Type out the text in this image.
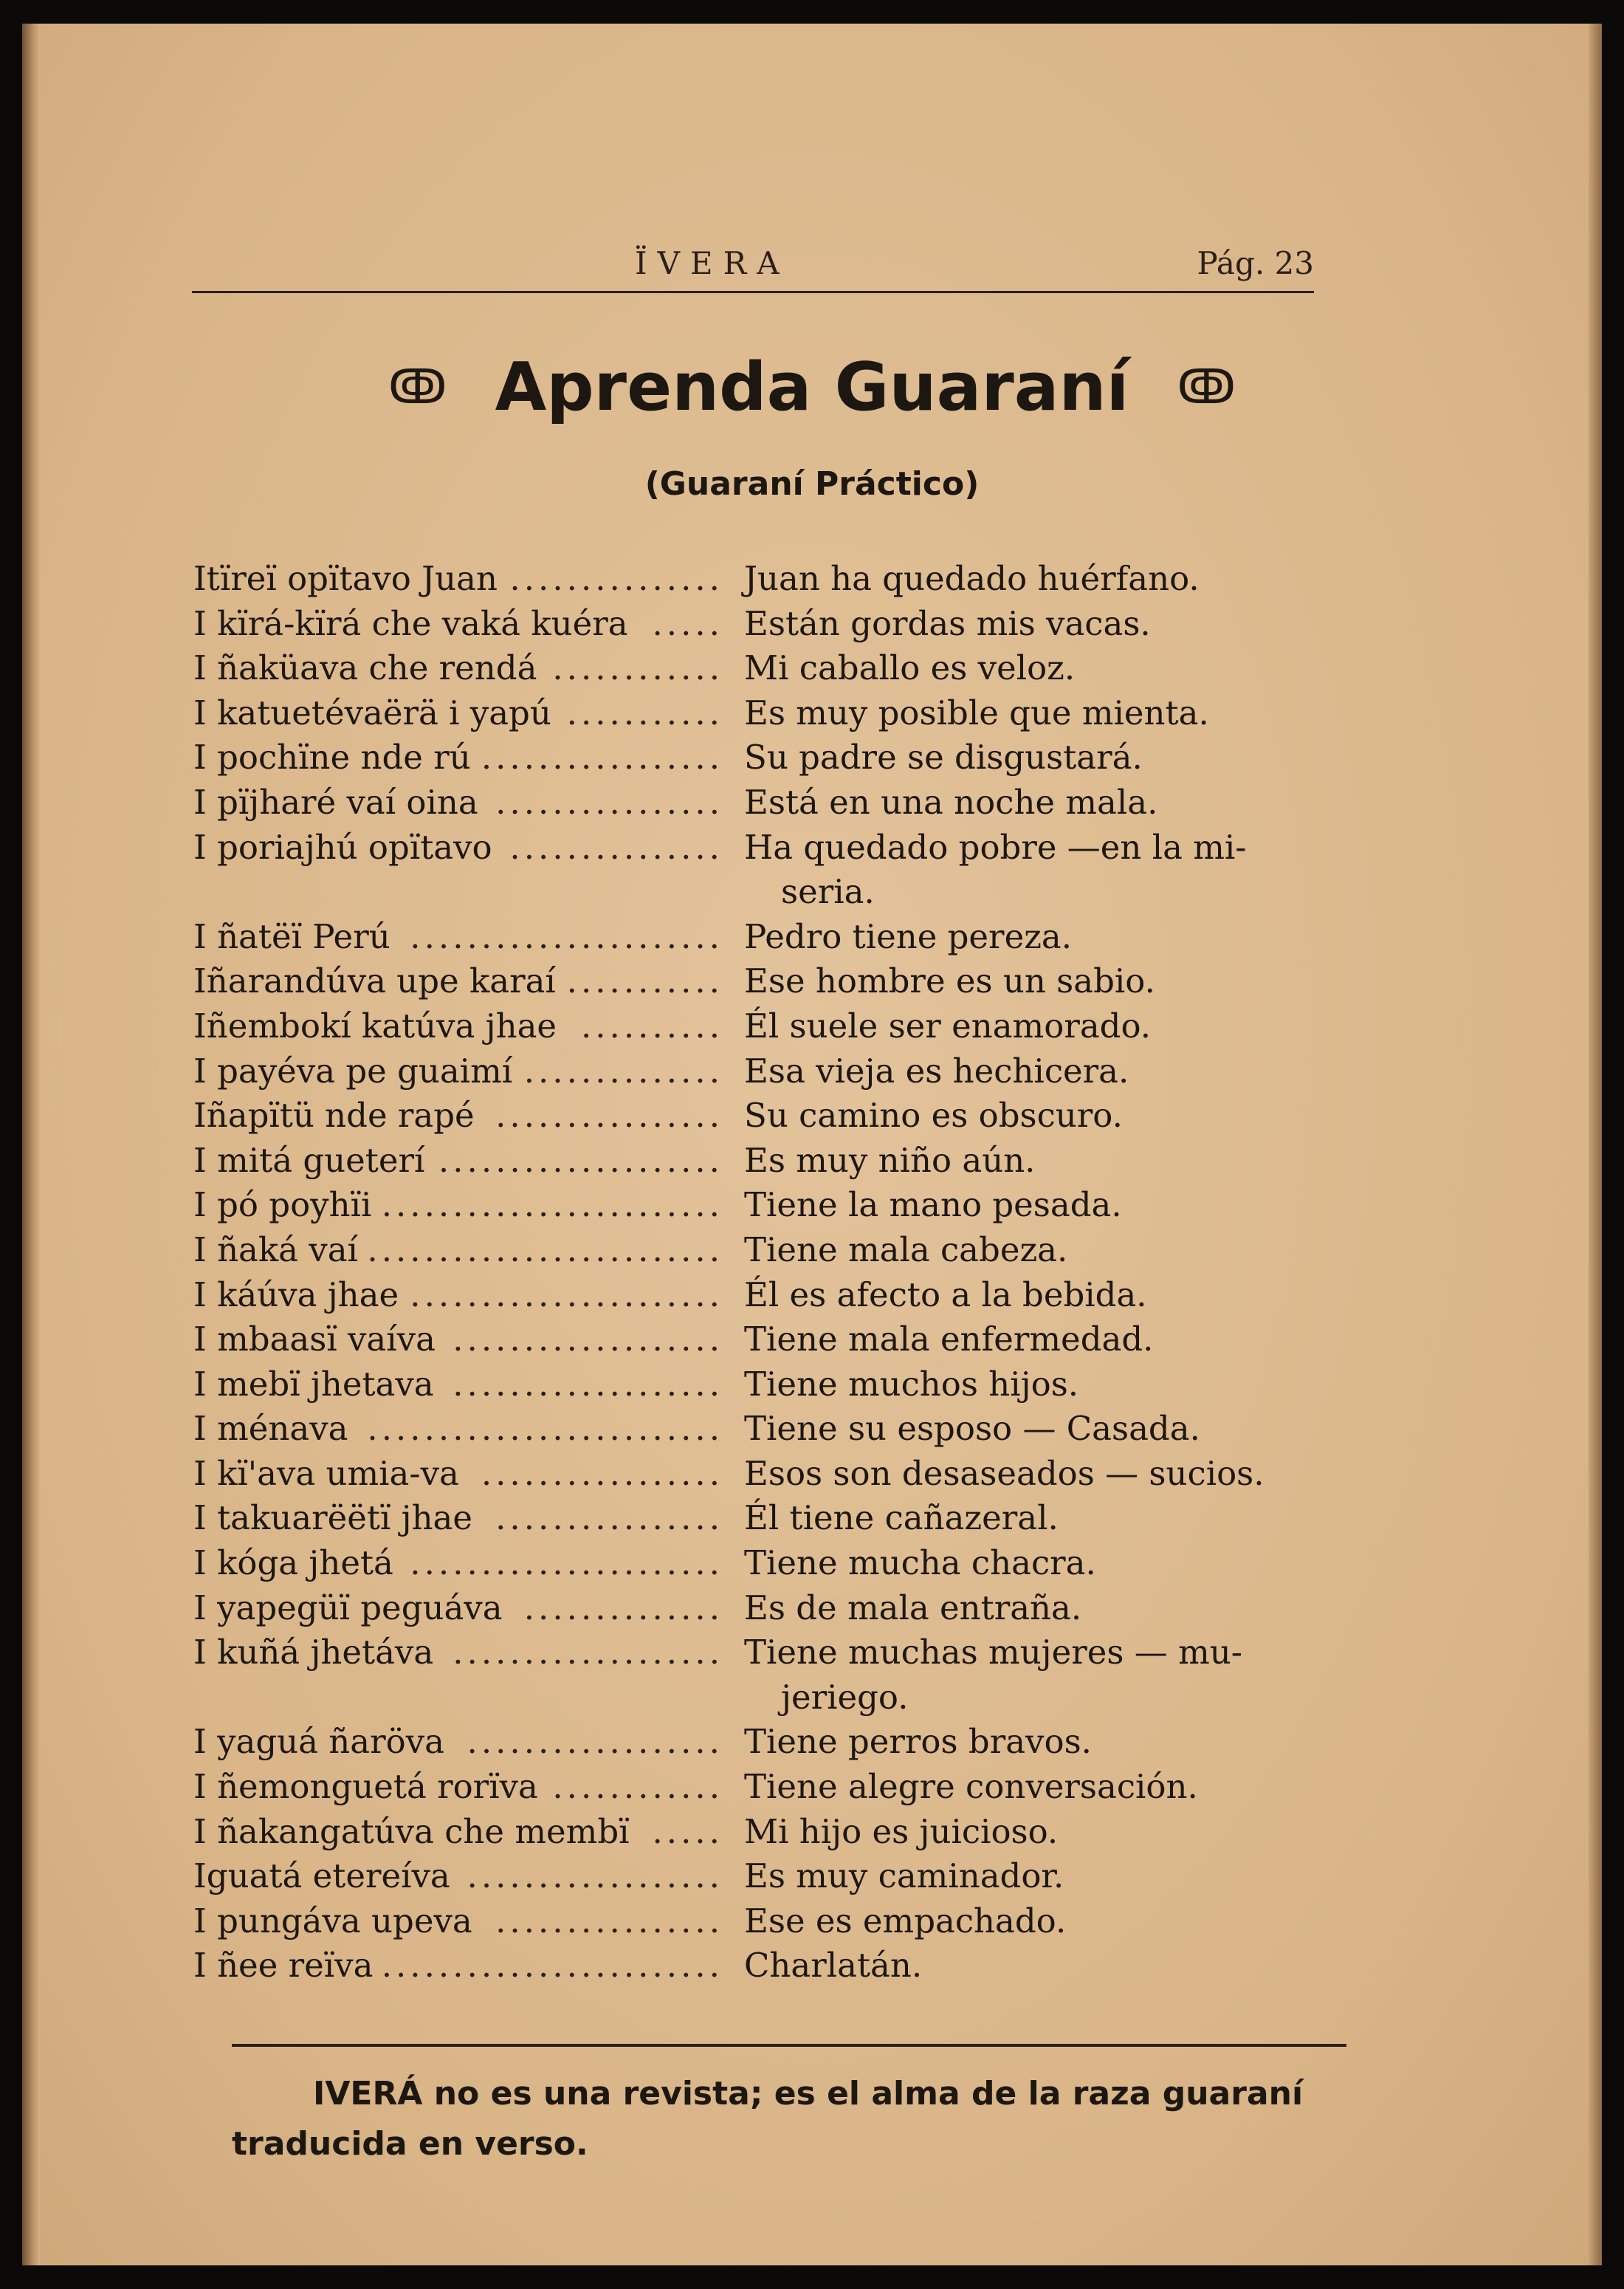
ÏVERA	Pág. 23
ↂ Aprenda Guaraní ↂ
(Guaraní Práctico)
Itïreï opïtavo Juan ............... Juan ha quedado huérfano.
I kïrá-kïrá che vaká kuéra ..... Están gordas mis vacas.
I ñaküava che rendá ............ Mi caballo es veloz.
I katuetévaërä i yapú ........... Es muy posible que mienta.
I pochïne nde rú ................. Su padre se disgustará.
I pïjharé vaí oina ................ Está en una noche mala.
I poriajhú opïtavo ............... Ha quedado pobre —en la mi-
seria.
I ñatëï Perú ...................... Pedro tiene pereza.
Iñarandúva upe karaí ........... Ese hombre es un sabio.
Iñembokí katúva jhae .......... Él suele ser enamorado.
I payéva pe guaimí .............. Esa vieja es hechicera.
Iñapïtü nde rapé ................ Su camino es obscuro.
I mitá gueterí .................... Es muy niño aún.
I pó poyhïi ........................ Tiene la mano pesada.
I ñaká vaí ......................... Tiene mala cabeza.
I káúva jhae ...................... Él es afecto a la bebida.
I mbaasï vaíva ................... Tiene mala enfermedad.
I mebï jhetava ................... Tiene muchos hijos.
I ménava ......................... Tiene su esposo — Casada.
I kï'ava umia-va ................. Esos son desaseados — sucios.
I takuarëëtï jhae ................ Él tiene cañazeral.
I kóga jhetá ...................... Tiene mucha chacra.
I yapegüï peguáva .............. Es de mala entraña.
I kuñá jhetáva ................... Tiene muchas mujeres — mu-
jeriego.
I yaguá ñaröva .................. Tiene perros bravos.
I ñemonguetá rorïva ............ Tiene alegre conversación.
I ñakangatúva che membï ..... Mi hijo es juicioso.
Iguatá etereíva .................. Es muy caminador.
I pungáva upeva ................ Ese es empachado.
I ñee reïva ........................ Charlatán.
IVERÁ no es una revista; es el alma de la raza guaraní traducida en verso.
